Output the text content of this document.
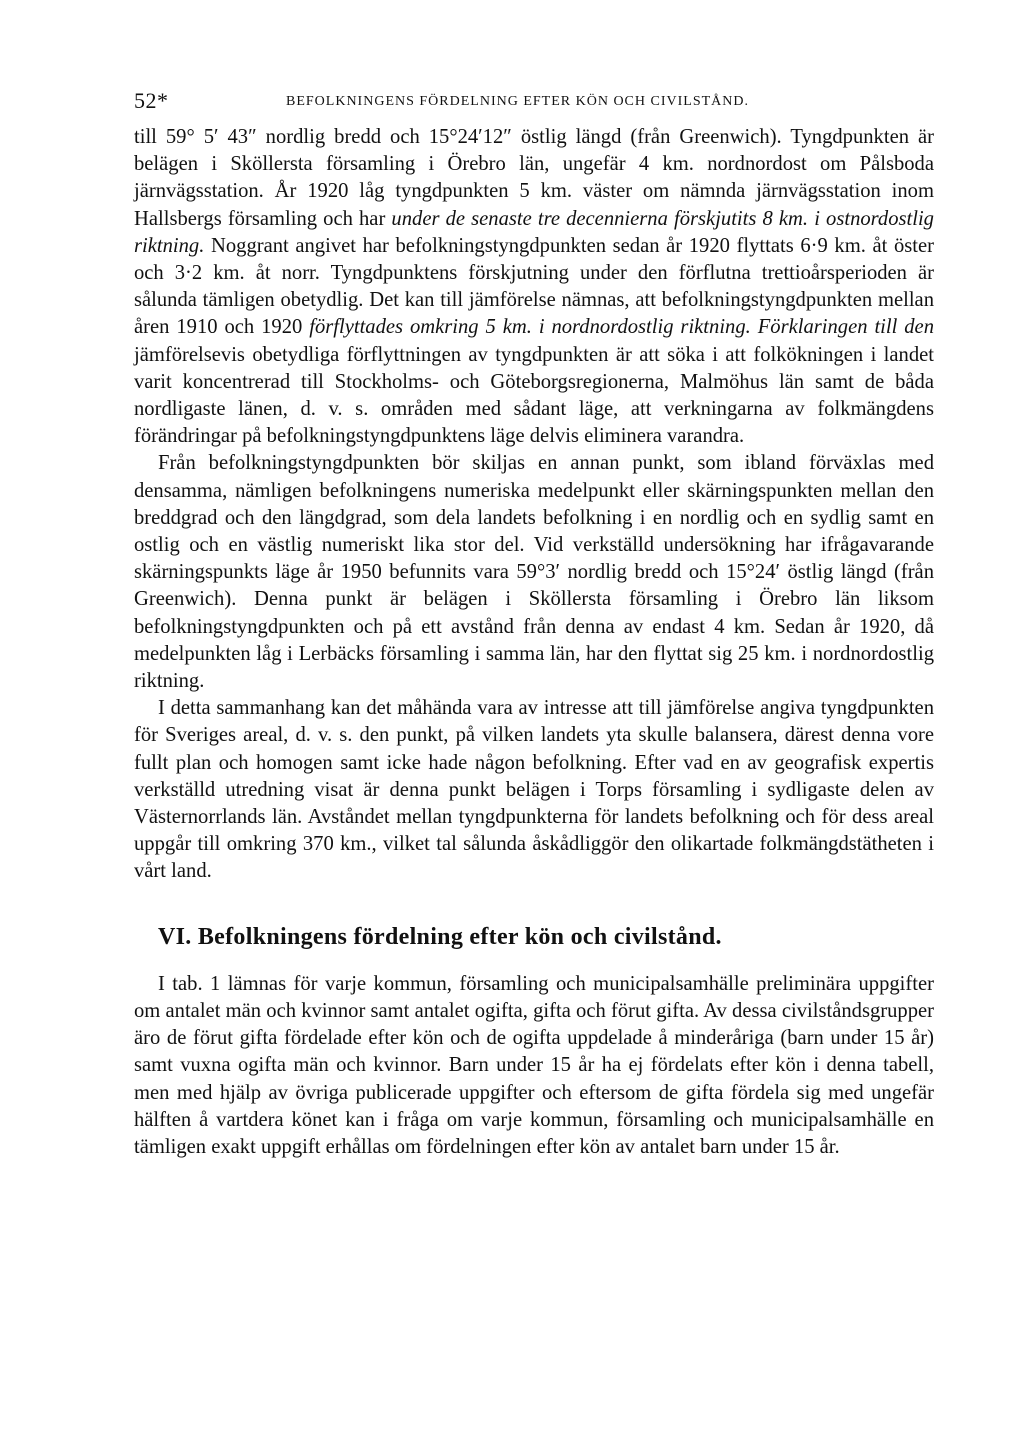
52*	BEFOLKNINGENS FÖRDELNING EFTER KÖN OCH CIVILSTÅND.

till 59° 5′ 43″ nordlig bredd och 15°24′12″ östlig längd (från Greenwich). Tyngdpunkten är belägen i Sköllersta församling i Örebro län, ungefär 4 km. nordnordost om Pålsboda järnvägsstation. År 1920 låg tyngdpunkten 5 km. väster om nämnda järnvägsstation inom Hallsbergs församling och har under de senaste tre decennierna förskjutits 8 km. i ostnordostlig riktning. Noggrant angivet har befolkningstyngdpunkten sedan år 1920 flyttats 6·9 km. åt öster och 3·2 km. åt norr. Tyngdpunktens förskjutning under den förflutna trettioårsperioden är sålunda tämligen obetydlig. Det kan till jämförelse nämnas, att befolkningstyngdpunkten mellan åren 1910 och 1920 förflyttades omkring 5 km. i nordnordostlig riktning. Förklaringen till den jämförelsevis obetydliga förflyttningen av tyngdpunkten är att söka i att folkökningen i landet varit koncentrerad till Stockholms- och Göteborgsregionerna, Malmöhus län samt de båda nordligaste länen, d. v. s. områden med sådant läge, att verkningarna av folkmängdens förändringar på befolkningstyngdpunktens läge delvis eliminera varandra.

Från befolkningstyngdpunkten bör skiljas en annan punkt, som ibland förväxlas med densamma, nämligen befolkningens numeriska medelpunkt eller skärningspunkten mellan den breddgrad och den längdgrad, som dela landets befolkning i en nordlig och en sydlig samt en ostlig och en västlig numeriskt lika stor del. Vid verkställd undersökning har ifrågavarande skärningspunkts läge år 1950 befunnits vara 59°3′ nordlig bredd och 15°24′ östlig längd (från Greenwich). Denna punkt är belägen i Sköllersta församling i Örebro län liksom befolkningstyngdpunkten och på ett avstånd från denna av endast 4 km. Sedan år 1920, då medelpunkten låg i Lerbäcks församling i samma län, har den flyttat sig 25 km. i nordnordostlig riktning.

I detta sammanhang kan det måhända vara av intresse att till jämförelse angiva tyngdpunkten för Sveriges areal, d. v. s. den punkt, på vilken landets yta skulle balansera, därest denna vore fullt plan och homogen samt icke hade någon befolkning. Efter vad en av geografisk expertis verkställd utredning visat är denna punkt belägen i Torps församling i sydligaste delen av Västernorrlands län. Avståndet mellan tyngdpunkterna för landets befolkning och för dess areal uppgår till omkring 370 km., vilket tal sålunda åskådliggör den olikartade folkmängdstätheten i vårt land.

VI. Befolkningens fördelning efter kön och civilstånd.

I tab. 1 lämnas för varje kommun, församling och municipalsamhälle preliminära uppgifter om antalet män och kvinnor samt antalet ogifta, gifta och förut gifta. Av dessa civilståndsgrupper äro de förut gifta fördelade efter kön och de ogifta uppdelade å minderåriga (barn under 15 år) samt vuxna ogifta män och kvinnor. Barn under 15 år ha ej fördelats efter kön i denna tabell, men med hjälp av övriga publicerade uppgifter och eftersom de gifta fördela sig med ungefär hälften å vartdera könet kan i fråga om varje kommun, församling och municipalsamhälle en tämligen exakt uppgift erhållas om fördelningen efter kön av antalet barn under 15 år.
